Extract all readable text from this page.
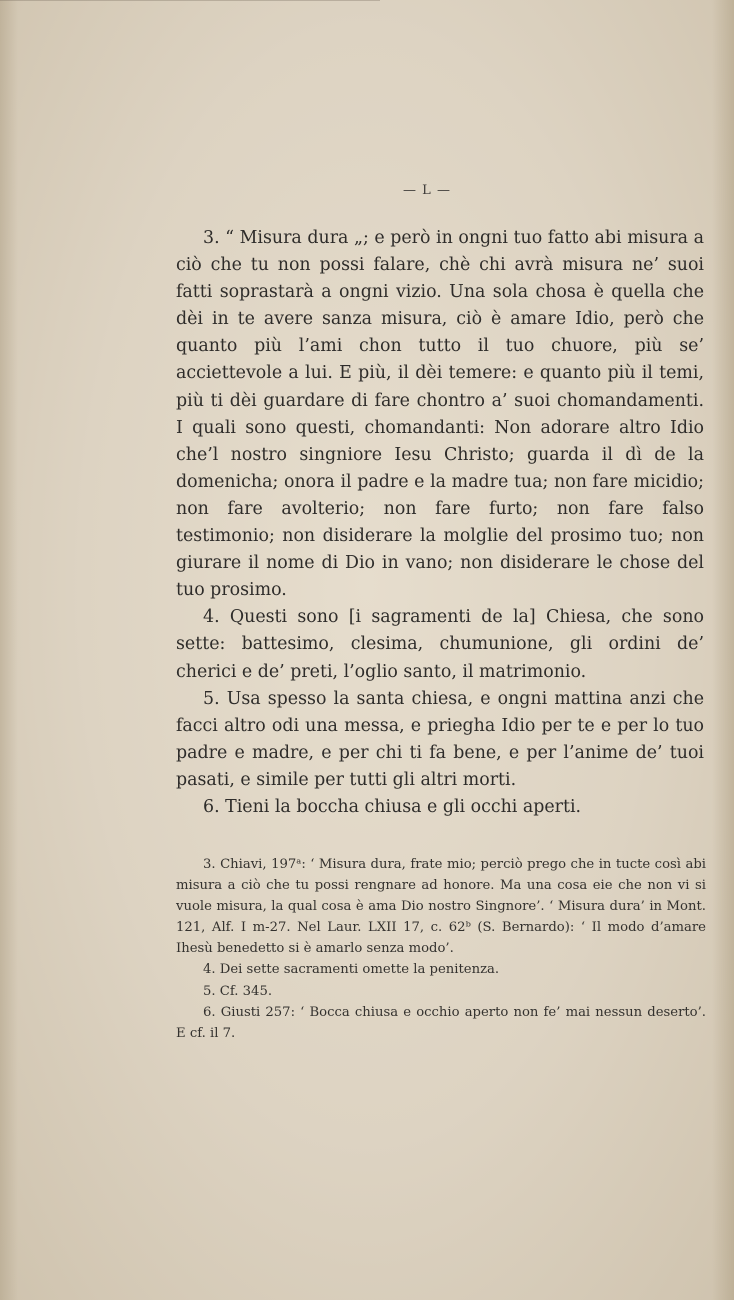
— L —

3. “ Misura dura „; e però in ongni tuo fatto abi misura a ciò che tu non possi falare, chè chi avrà misura ne’ suoi fatti soprastarà a ongni vizio. Una sola chosa è quella che dèi in te avere sanza misura, ciò è amare Idio, però che quanto più l’ami chon tutto il tuo chuore, più se’ acciettevole a lui. E più, il dèi temere: e quanto più il temi, più ti dèi guardare di fare chontro a’ suoi chomandamenti. I quali sono questi, chomandanti: Non adorare altro Idio che’l nostro singniore Iesu Christo; guarda il dì de la domenicha; onora il padre e la madre tua; non fare micidio; non fare avolterio; non fare furto; non fare falso testimonio; non disiderare la molglie del prosimo tuo; non giurare il nome di Dio in vano; non disiderare le chose del tuo prosimo.

4. Questi sono [i sagramenti de la] Chiesa, che sono sette: battesimo, clesima, chumunione, gli ordini de’ cherici e de’ preti, l’oglio santo, il matrimonio.

5. Usa spesso la santa chiesa, e ongni mattina anzi che facci altro odi una messa, e priegha Idio per te e per lo tuo padre e madre, e per chi ti fa bene, e per l’anime de’ tuoi pasati, e simile per tutti gli altri morti.

6. Tieni la boccha chiusa e gli occhi aperti.

3. Chiavi, 197ᵃ: ‘ Misura dura, frate mio; perciò prego che in tucte così abi misura a ciò che tu possi rengnare ad honore. Ma una cosa eie che non vi si vuole misura, la qual cosa è ama Dio nostro Singnore’. ‘ Misura dura’ in Mont. 121, Alf. I m-27. Nel Laur. LXII 17, c. 62ᵇ (S. Bernardo): ‘ Il modo d’amare Ihesù benedetto si è amarlo senza modo’.

4. Dei sette sacramenti omette la penitenza.

5. Cf. 345.

6. Giusti 257: ‘ Bocca chiusa e occhio aperto non fe’ mai nessun deserto’. E cf. il 7.
